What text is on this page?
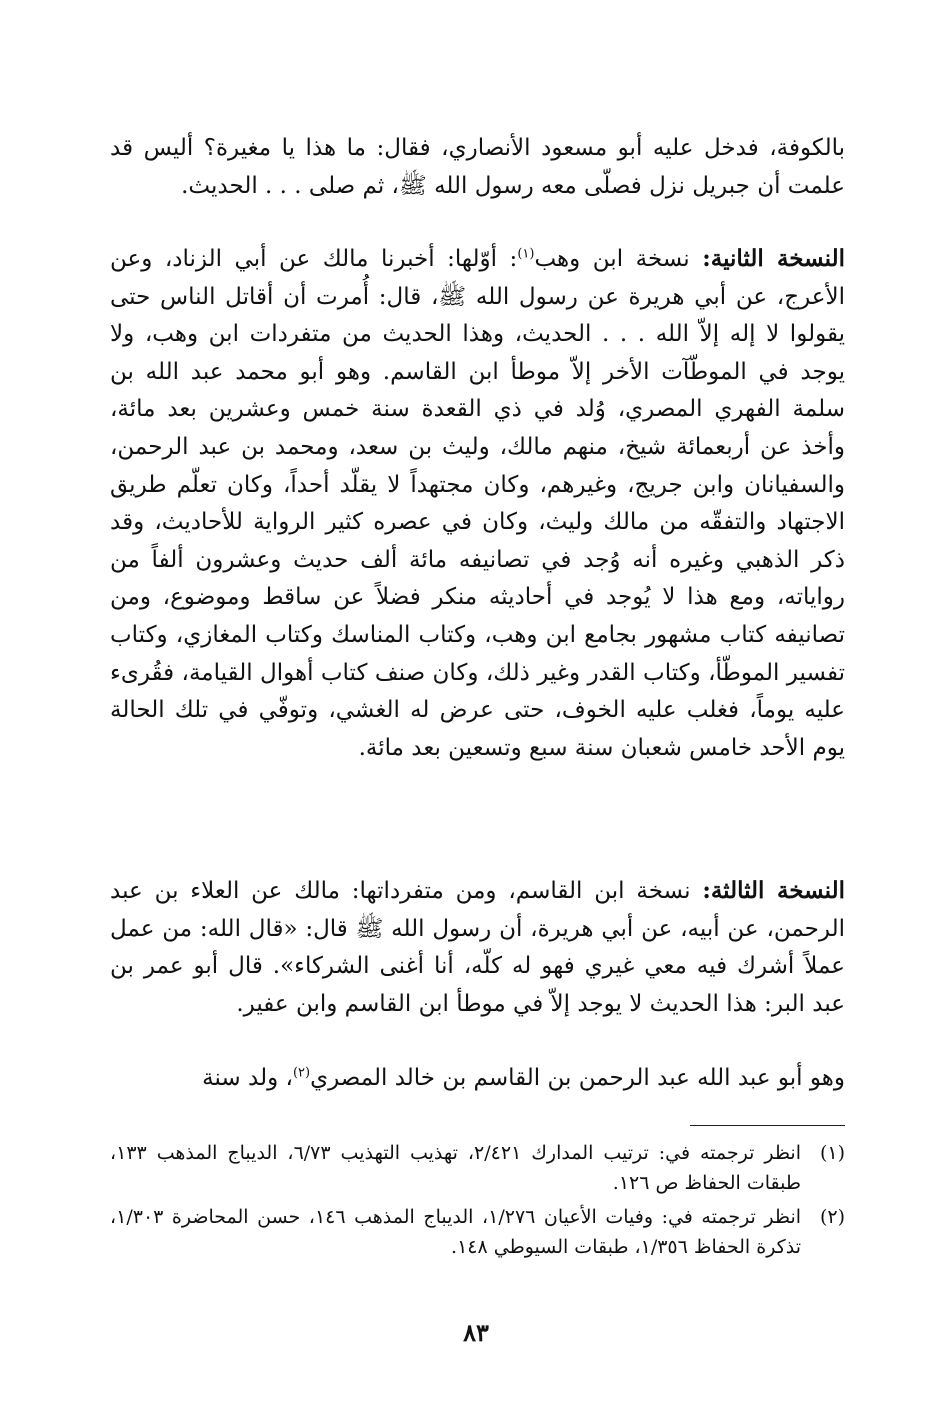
بالكوفة، فدخل عليه أبو مسعود الأنصاري، فقال: ما هذا يا مغيرة؟ أليس قد علمت أن جبريل نزل فصلّى معه رسول الله ﷺ، ثم صلى . . . الحديث.

النسخة الثانية: نسخة ابن وهب$^{(١)}$: أوّلها: أخبرنا مالك عن أبي الزناد، وعن الأعرج، عن أبي هريرة عن رسول الله ﷺ، قال: أُمرت أن أقاتل الناس حتى يقولوا لا إله إلاّ الله . . . الحديث، وهذا الحديث من متفردات ابن وهب، ولا يوجد في الموطّآت الأخر إلاّ موطأ ابن القاسم. وهو أبو محمد عبد الله بن سلمة الفهري المصري، وُلد في ذي القعدة سنة خمس وعشرين بعد مائة، وأخذ عن أربعمائة شيخ، منهم مالك، وليث بن سعد، ومحمد بن عبد الرحمن، والسفيانان وابن جريج، وغيرهم، وكان مجتهداً لا يقلّد أحداً، وكان تعلّم طريق الاجتهاد والتفقّه من مالك وليث، وكان في عصره كثير الرواية للأحاديث، وقد ذكر الذهبي وغيره أنه وُجد في تصانيفه مائة ألف حديث وعشرون ألفاً من رواياته، ومع هذا لا يُوجد في أحاديثه منكر فضلاً عن ساقط وموضوع، ومن تصانيفه كتاب مشهور بجامع ابن وهب، وكتاب المناسك وكتاب المغازي، وكتاب تفسير الموطّأ، وكتاب القدر وغير ذلك، وكان صنف كتاب أهوال القيامة، فقُرىء عليه يوماً، فغلب عليه الخوف، حتى عرض له الغشي، وتوفّي في تلك الحالة يوم الأحد خامس شعبان سنة سبع وتسعين بعد مائة.

النسخة الثالثة: نسخة ابن القاسم، ومن متفرداتها: مالك عن العلاء بن عبد الرحمن، عن أبيه، عن أبي هريرة، أن رسول الله ﷺ قال: «قال الله: من عمل عملاً أشرك فيه معي غيري فهو له كلّه، أنا أغنى الشركاء». قال أبو عمر بن عبد البر: هذا الحديث لا يوجد إلاّ في موطأ ابن القاسم وابن عفير.

وهو أبو عبد الله عبد الرحمن بن القاسم بن خالد المصري$^{(٢)}$، ولد سنة

(١)
انظر ترجمته في: ترتيب المدارك ٢/٤٢١، تهذيب التهذيب ٦/٧٣، الديباج المذهب ١٣٣، طبقات الحفاظ ص ١٢٦.
(٢)
انظر ترجمته في: وفيات الأعيان ١/٢٧٦، الديباج المذهب ١٤٦، حسن المحاضرة ١/٣٠٣، تذكرة الحفاظ ١/٣٥٦، طبقات السيوطي ١٤٨.
٨٣
